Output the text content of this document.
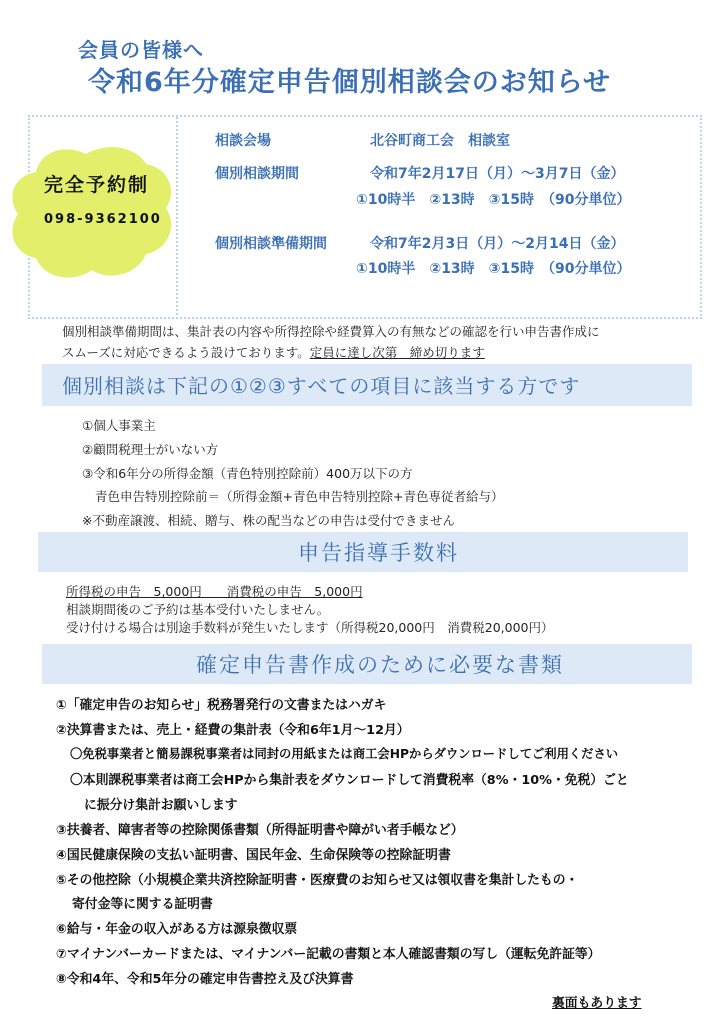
会員の皆様へ
令和6年分確定申告個別相談会のお知らせ
完全予約制
098-9362100
相談会場	北谷町商工会　相談室
個別相談期間	令和7年2月17日（月）～3月7日（金）
①10時半　②13時　③15時　（90分単位）
個別相談準備期間	令和7年2月3日（月）～2月14日（金）
①10時半　②13時　③15時　（90分単位）
個別相談準備期間は、集計表の内容や所得控除や経費算入の有無などの確認を行い申告書作成に
スムーズに対応できるよう設けております。定員に達し次第　締め切ります
個別相談は下記の①②③すべての項目に該当する方です
①個人事業主
②顧問税理士がいない方
③令和6年分の所得金額（青色特別控除前）400万以下の方
青色申告特別控除前＝（所得金額+青色申告特別控除+青色専従者給与）
※不動産譲渡、相続、贈与、株の配当などの申告は受付できません
申告指導手数料
所得税の申告　5,000円　　消費税の申告　5,000円
相談期間後のご予約は基本受付いたしません。
受け付ける場合は別途手数料が発生いたします（所得税20,000円　消費税20,000円）
確定申告書作成のために必要な書類
①「確定申告のお知らせ」税務署発行の文書またはハガキ
②決算書または、売上・経費の集計表（令和6年1月～12月）
〇免税事業者と簡易課税事業者は同封の用紙または商工会HPからダウンロードしてご利用ください
〇本則課税事業者は商工会HPから集計表をダウンロードして消費税率（8%・10%・免税）ごと
に振分け集計お願いします
③扶養者、障害者等の控除関係書類（所得証明書や障がい者手帳など）
④国民健康保険の支払い証明書、国民年金、生命保険等の控除証明書
⑤その他控除（小規模企業共済控除証明書・医療費のお知らせ又は領収書を集計したもの・
寄付金等に関する証明書
⑥給与・年金の収入がある方は源泉徴収票
⑦マイナンバーカードまたは、マイナンバー記載の書類と本人確認書類の写し（運転免許証等）
⑧令和4年、令和5年分の確定申告書控え及び決算書
裏面もあります
